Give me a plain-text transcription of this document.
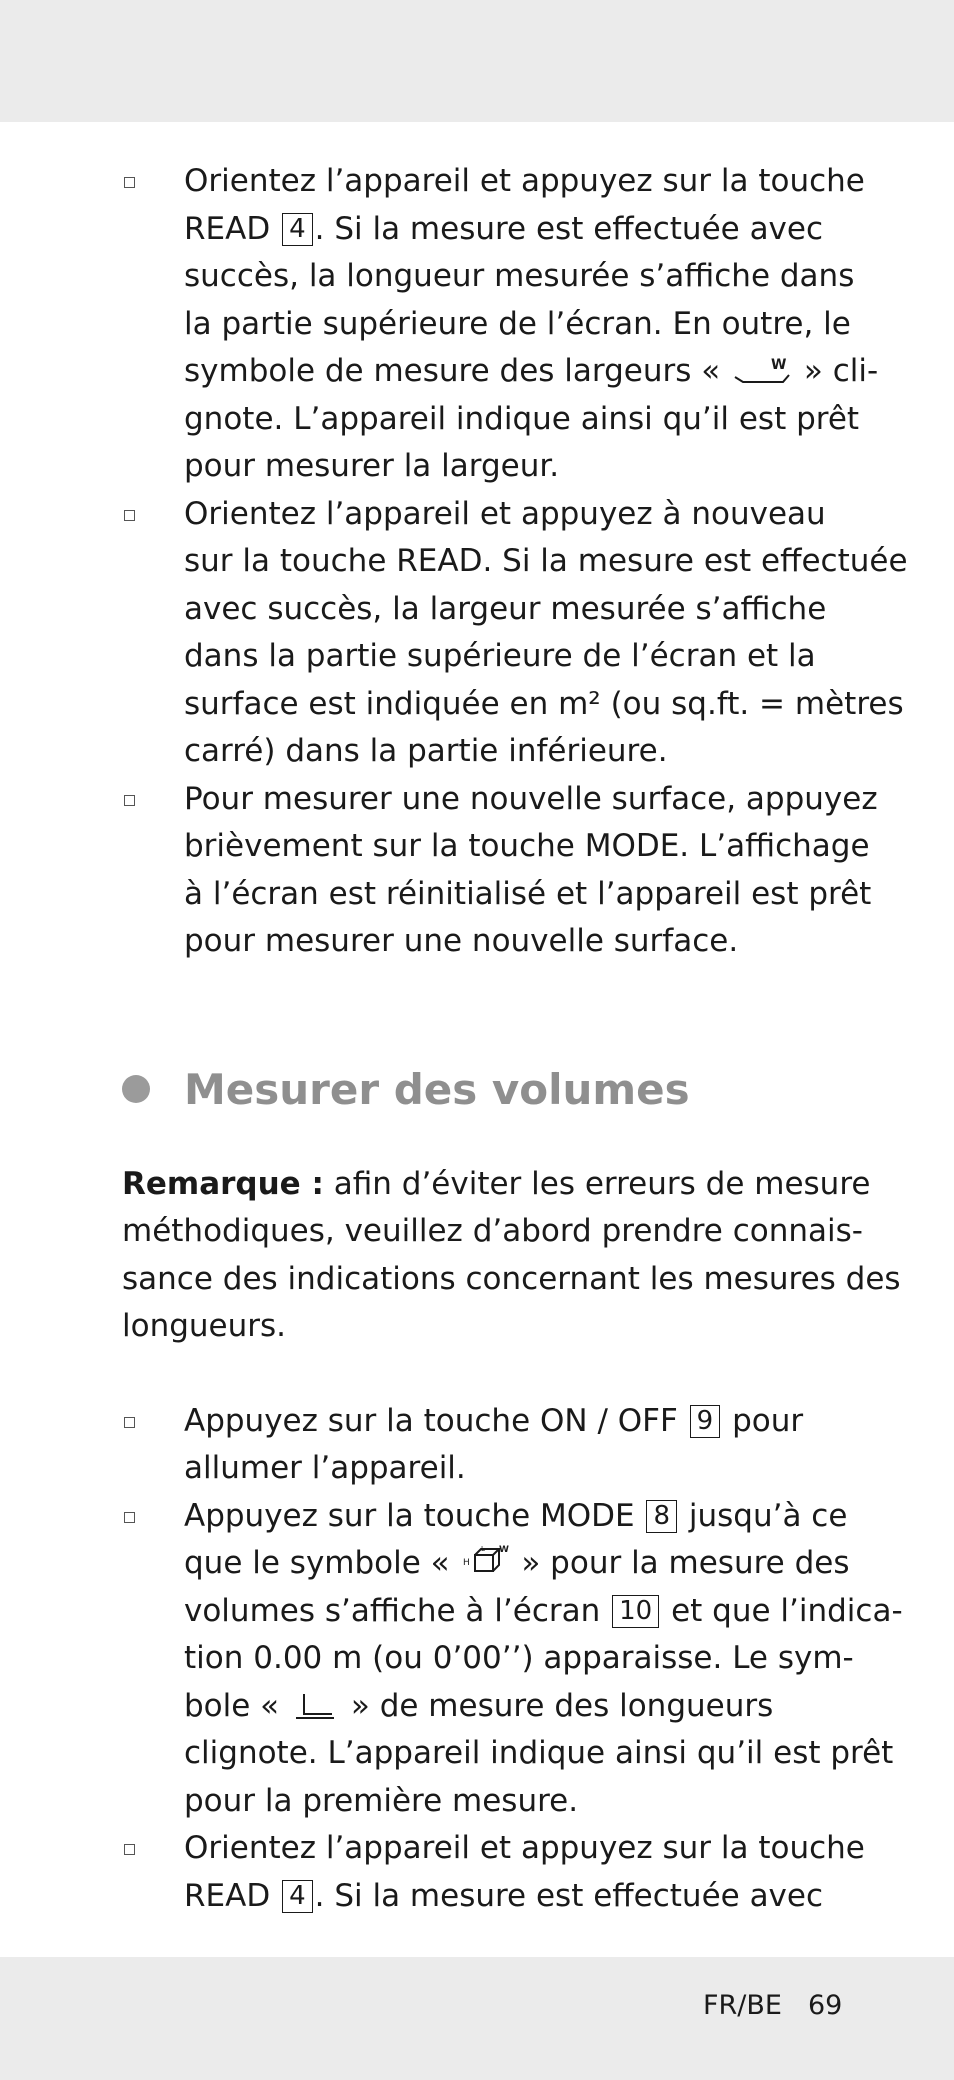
Orientez l’appareil et appuyez sur la touche
READ 4 . Si la mesure est effectuée avec
succès, la longueur mesurée s’affiche dans
la partie supérieure de l’écran. En outre, le
symbole de mesure des largeurs «	W » cli-
gnote. L’appareil indique ainsi qu’il est prêt
pour mesurer la largeur.
Orientez l’appareil et appuyez à nouveau
sur la touche READ. Si la mesure est effectuée
avec succès, la largeur mesurée s’affiche
dans la partie supérieure de l’écran et la
surface est indiquée en m² (ou sq.ft. = mètres
carré) dans la partie inférieure.
Pour mesurer une nouvelle surface, appuyez
brièvement sur la touche MODE. L’affichage
à l’écran est réinitialisé et l’appareil est prêt
pour mesurer une nouvelle surface.
Mesurer des volumes
Remarque : afin d’éviter les erreurs de mesure
méthodiques, veuillez d’abord prendre connais-
sance des indications concernant les mesures des
longueurs.
Appuyez sur la touche ON / OFF 9 pour
allumer l’appareil.
Appuyez sur la touche MODE 8 jusqu’à ce
que le symbole « H
W
L » pour la mesure des
volumes s’affiche à l’écran 10 et que l’indica-
tion 0.00 m (ou 0’00’’) apparaisse. Le sym-
bole «
» de mesure des longueurs
clignote. L’appareil indique ainsi qu’il est prêt
pour la première mesure.
Orientez l’appareil et appuyez sur la touche
READ 4 . Si la mesure est effectuée avec
FR/BE 69
